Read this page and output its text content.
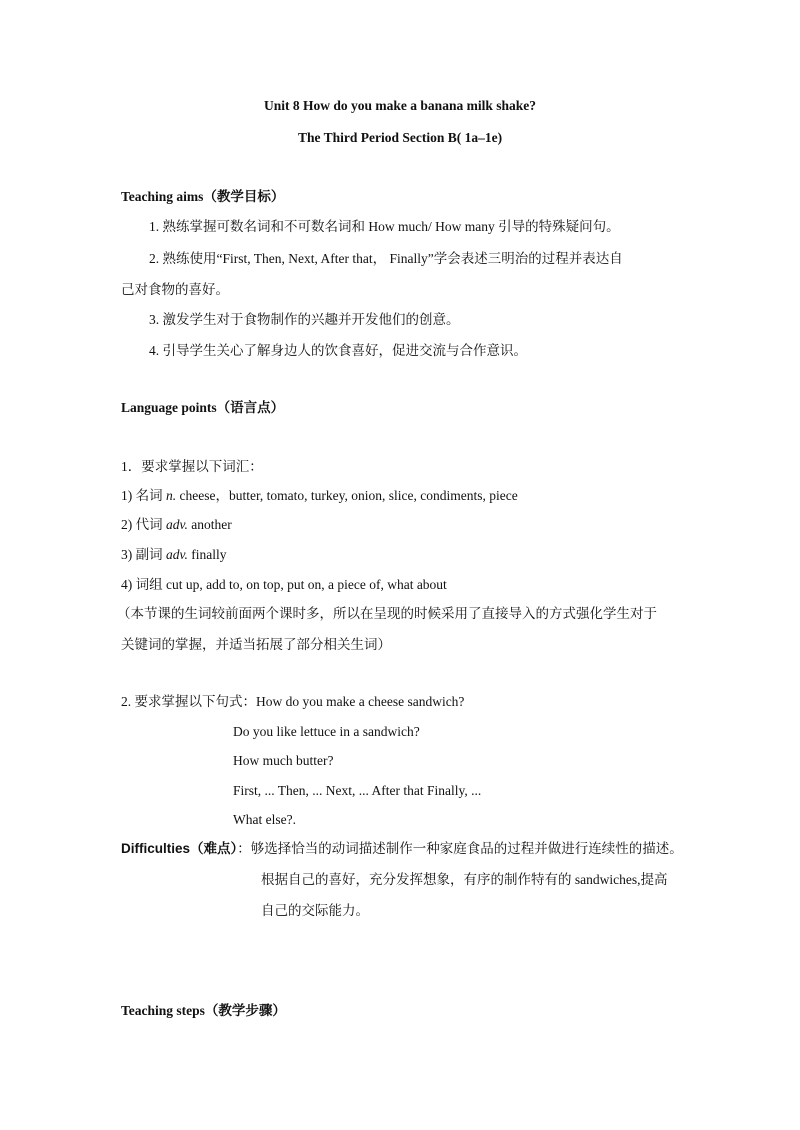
Unit 8 How do you make a banana milk shake?
The Third Period Section B( 1a–1e)
Teaching aims（教学目标）
1. 熟练掌握可数名词和不可数名词和 How much/ How many 引导的特殊疑问句。
2. 熟练使用“First, Then, Next, After that， Finally”学会表述三明治的过程并表达自
己对食物的喜好。
3. 激发学生对于食物制作的兴趣并开发他们的创意。
4. 引导学生关心了解身边人的饮食喜好，促进交流与合作意识。
Language points（语言点）
1．要求掌握以下词汇：
1) 名词 n. cheese，butter, tomato, turkey, onion, slice, condiments, piece
2) 代词 adv. another
3) 副词 adv. finally
4) 词组 cut up, add to, on top, put on, a piece of, what about
（本节课的生词较前面两个课时多，所以在呈现的时候采用了直接导入的方式强化学生对于
关键词的掌握，并适当拓展了部分相关生词）
2. 要求掌握以下句式：How do you make a cheese sandwich?
Do you like lettuce in a sandwich?
How much butter?
First, ... Then, ... Next, ... After that Finally, ...
What else?.
Difficulties（难点）：够选择恰当的动词描述制作一种家庭食品的过程并做进行连续性的描述。
根据自己的喜好，充分发挥想象，有序的制作特有的 sandwiches,提高
自己的交际能力。
Teaching steps（教学步骤）
